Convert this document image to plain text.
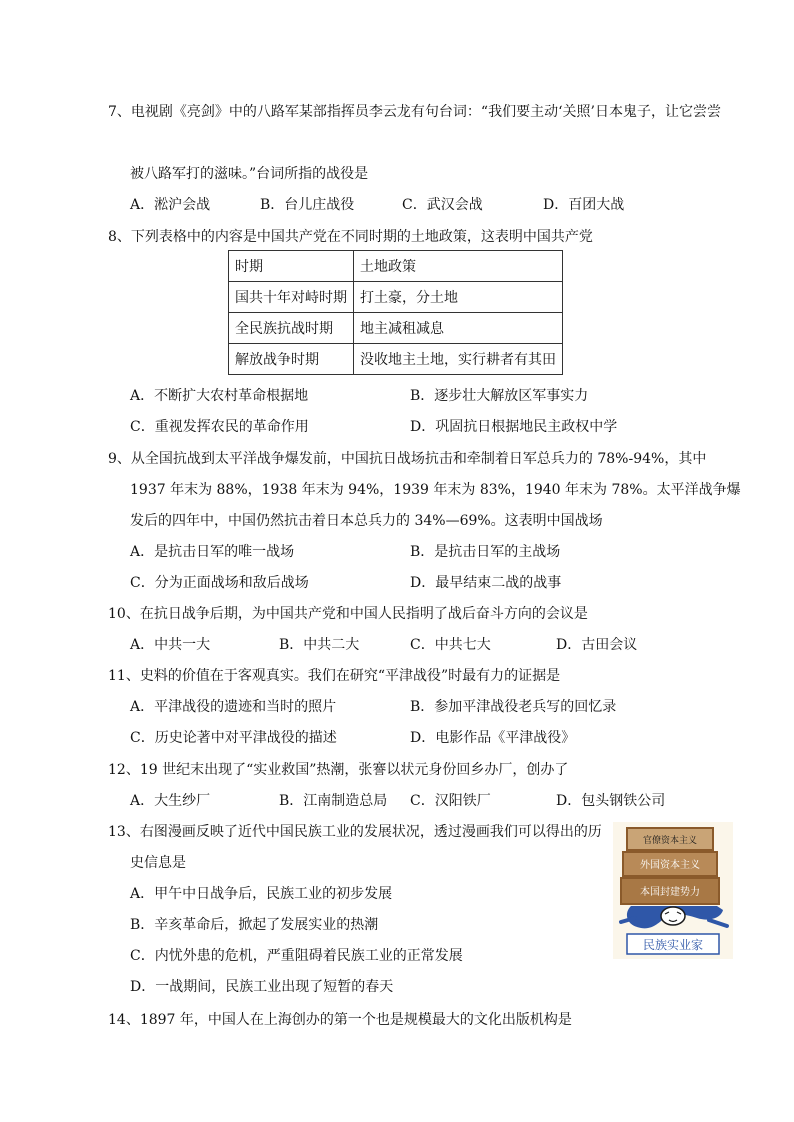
7、电视剧《亮剑》中的八路军某部指挥员李云龙有句台词：“我们要主动‘关照’日本鬼子，让它尝尝
被八路军打的滋味。”台词所指的战役是
A．淞沪会战	B．台儿庄战役	C．武汉会战	D．百团大战
8、下列表格中的内容是中国共产党在不同时期的土地政策，这表明中国共产党
时期	土地政策
国共十年对峙时期	打土豪，分土地
全民族抗战时期	地主减租减息
解放战争时期	没收地主土地，实行耕者有其田
A．不断扩大农村革命根据地	B．逐步壮大解放区军事实力
C．重视发挥农民的革命作用	D．巩固抗日根据地民主政权中学
9、从全国抗战到太平洋战争爆发前，中国抗日战场抗击和牵制着日军总兵力的 78%-94%，其中
1937 年末为 88%，1938 年末为 94%，1939 年末为 83%，1940 年末为 78%。太平洋战争爆
发后的四年中，中国仍然抗击着日本总兵力的 34%—69%。这表明中国战场
A．是抗击日军的唯一战场	B．是抗击日军的主战场
C．分为正面战场和敌后战场	D．最早结束二战的战事
10、在抗日战争后期，为中国共产党和中国人民指明了战后奋斗方向的会议是
A．中共一大	B．中共二大	C．中共七大	D．古田会议
11、史料的价值在于客观真实。我们在研究“平津战役”时最有力的证据是
A．平津战役的遗迹和当时的照片	B．参加平津战役老兵写的回忆录
C．历史论著中对平津战役的描述	D．电影作品《平津战役》
12、19 世纪末出现了“实业救国”热潮，张謇以状元身份回乡办厂，创办了
A．大生纱厂	B．江南制造总局 C．汉阳铁厂	D．包头钢铁公司
13、右图漫画反映了近代中国民族工业的发展状况，透过漫画我们可以得出的历
史信息是
A．甲午中日战争后，民族工业的初步发展
B．辛亥革命后，掀起了发展实业的热潮
C．内忧外患的危机，严重阻碍着民族工业的正常发展
D．一战期间，民族工业出现了短暂的春天
官僚资本主义
外国资本主义
本国封建势力
民族实业家
14、1897 年，中国人在上海创办的第一个也是规模最大的文化出版机构是
